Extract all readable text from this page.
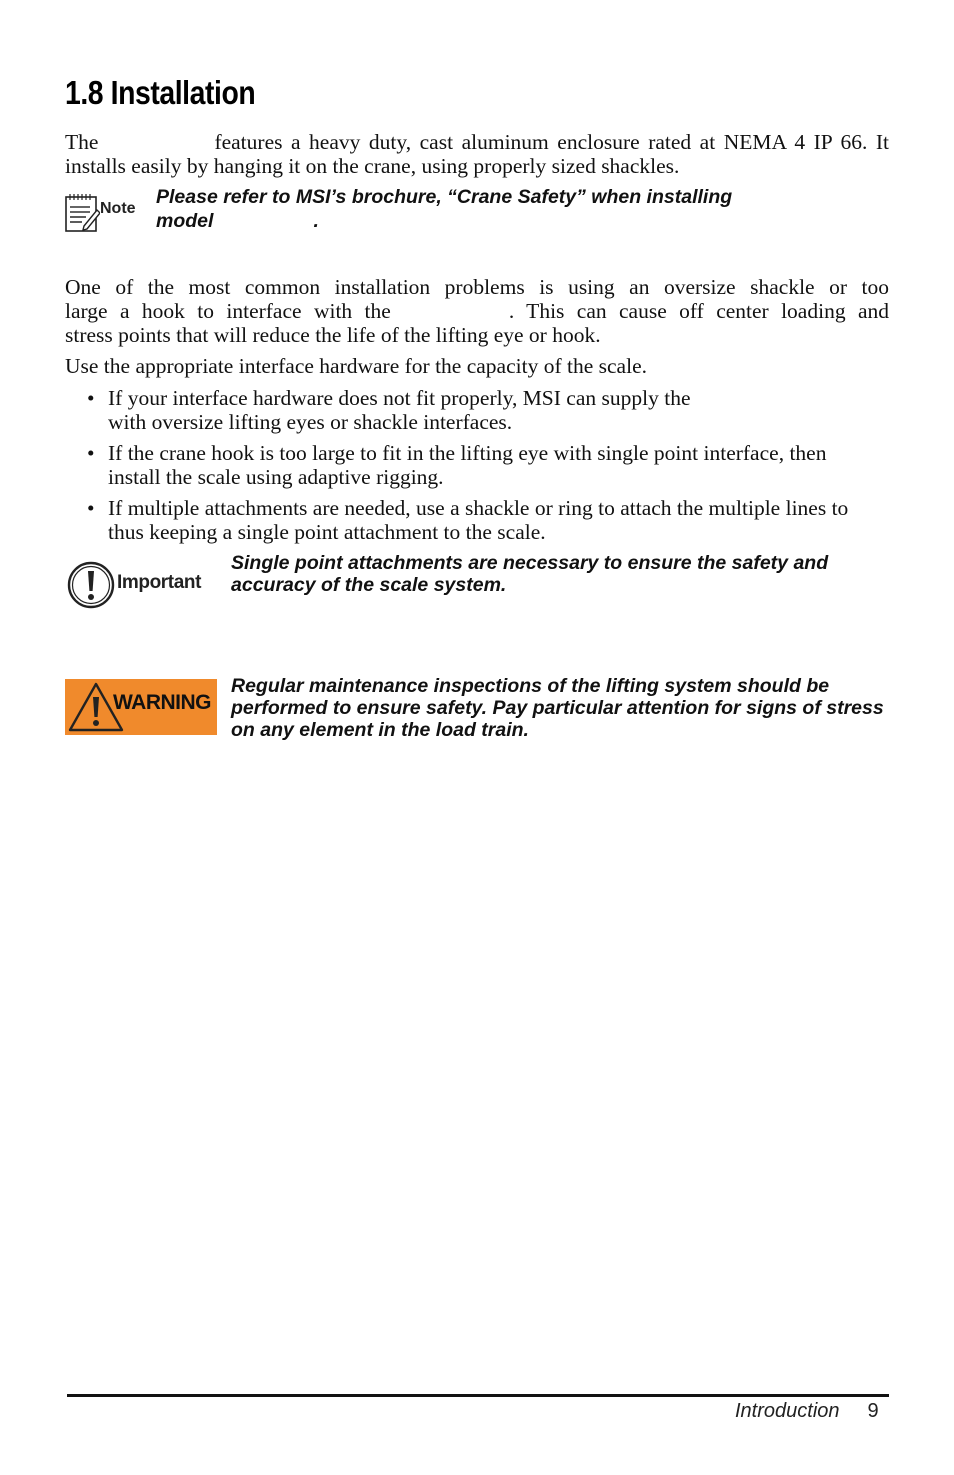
1.8 Installation

The	features a heavy duty, cast aluminum enclosure rated at NEMA 4 IP 66. It installs easily by hanging it on the crane, using properly sized shackles.

Note

Please refer to MSI’s brochure, “Crane Safety” when installing
model	.

One of the most common installation problems is using an oversize shackle or too

large a hook to interface with the	. This can cause off center loading and

stress points that will reduce the life of the lifting eye or hook.

Use the appropriate interface hardware for the capacity of the scale.

• If your interface hardware does not fit properly, MSI can supply the
with oversize lifting eyes or shackle interfaces.
• If the crane hook is too large to fit in the lifting eye with single point interface, then install the scale using adaptive rigging.
• If multiple attachments are needed, use a shackle or ring to attach the multiple lines to thus keeping a single point attachment to the scale.
Important

Single point attachments are necessary to ensure the safety and accuracy of the scale system.

WARNING

Regular maintenance inspections of the lifting system should be performed to ensure safety. Pay particular attention for signs of stress on any element in the load train.

Introduction 9
